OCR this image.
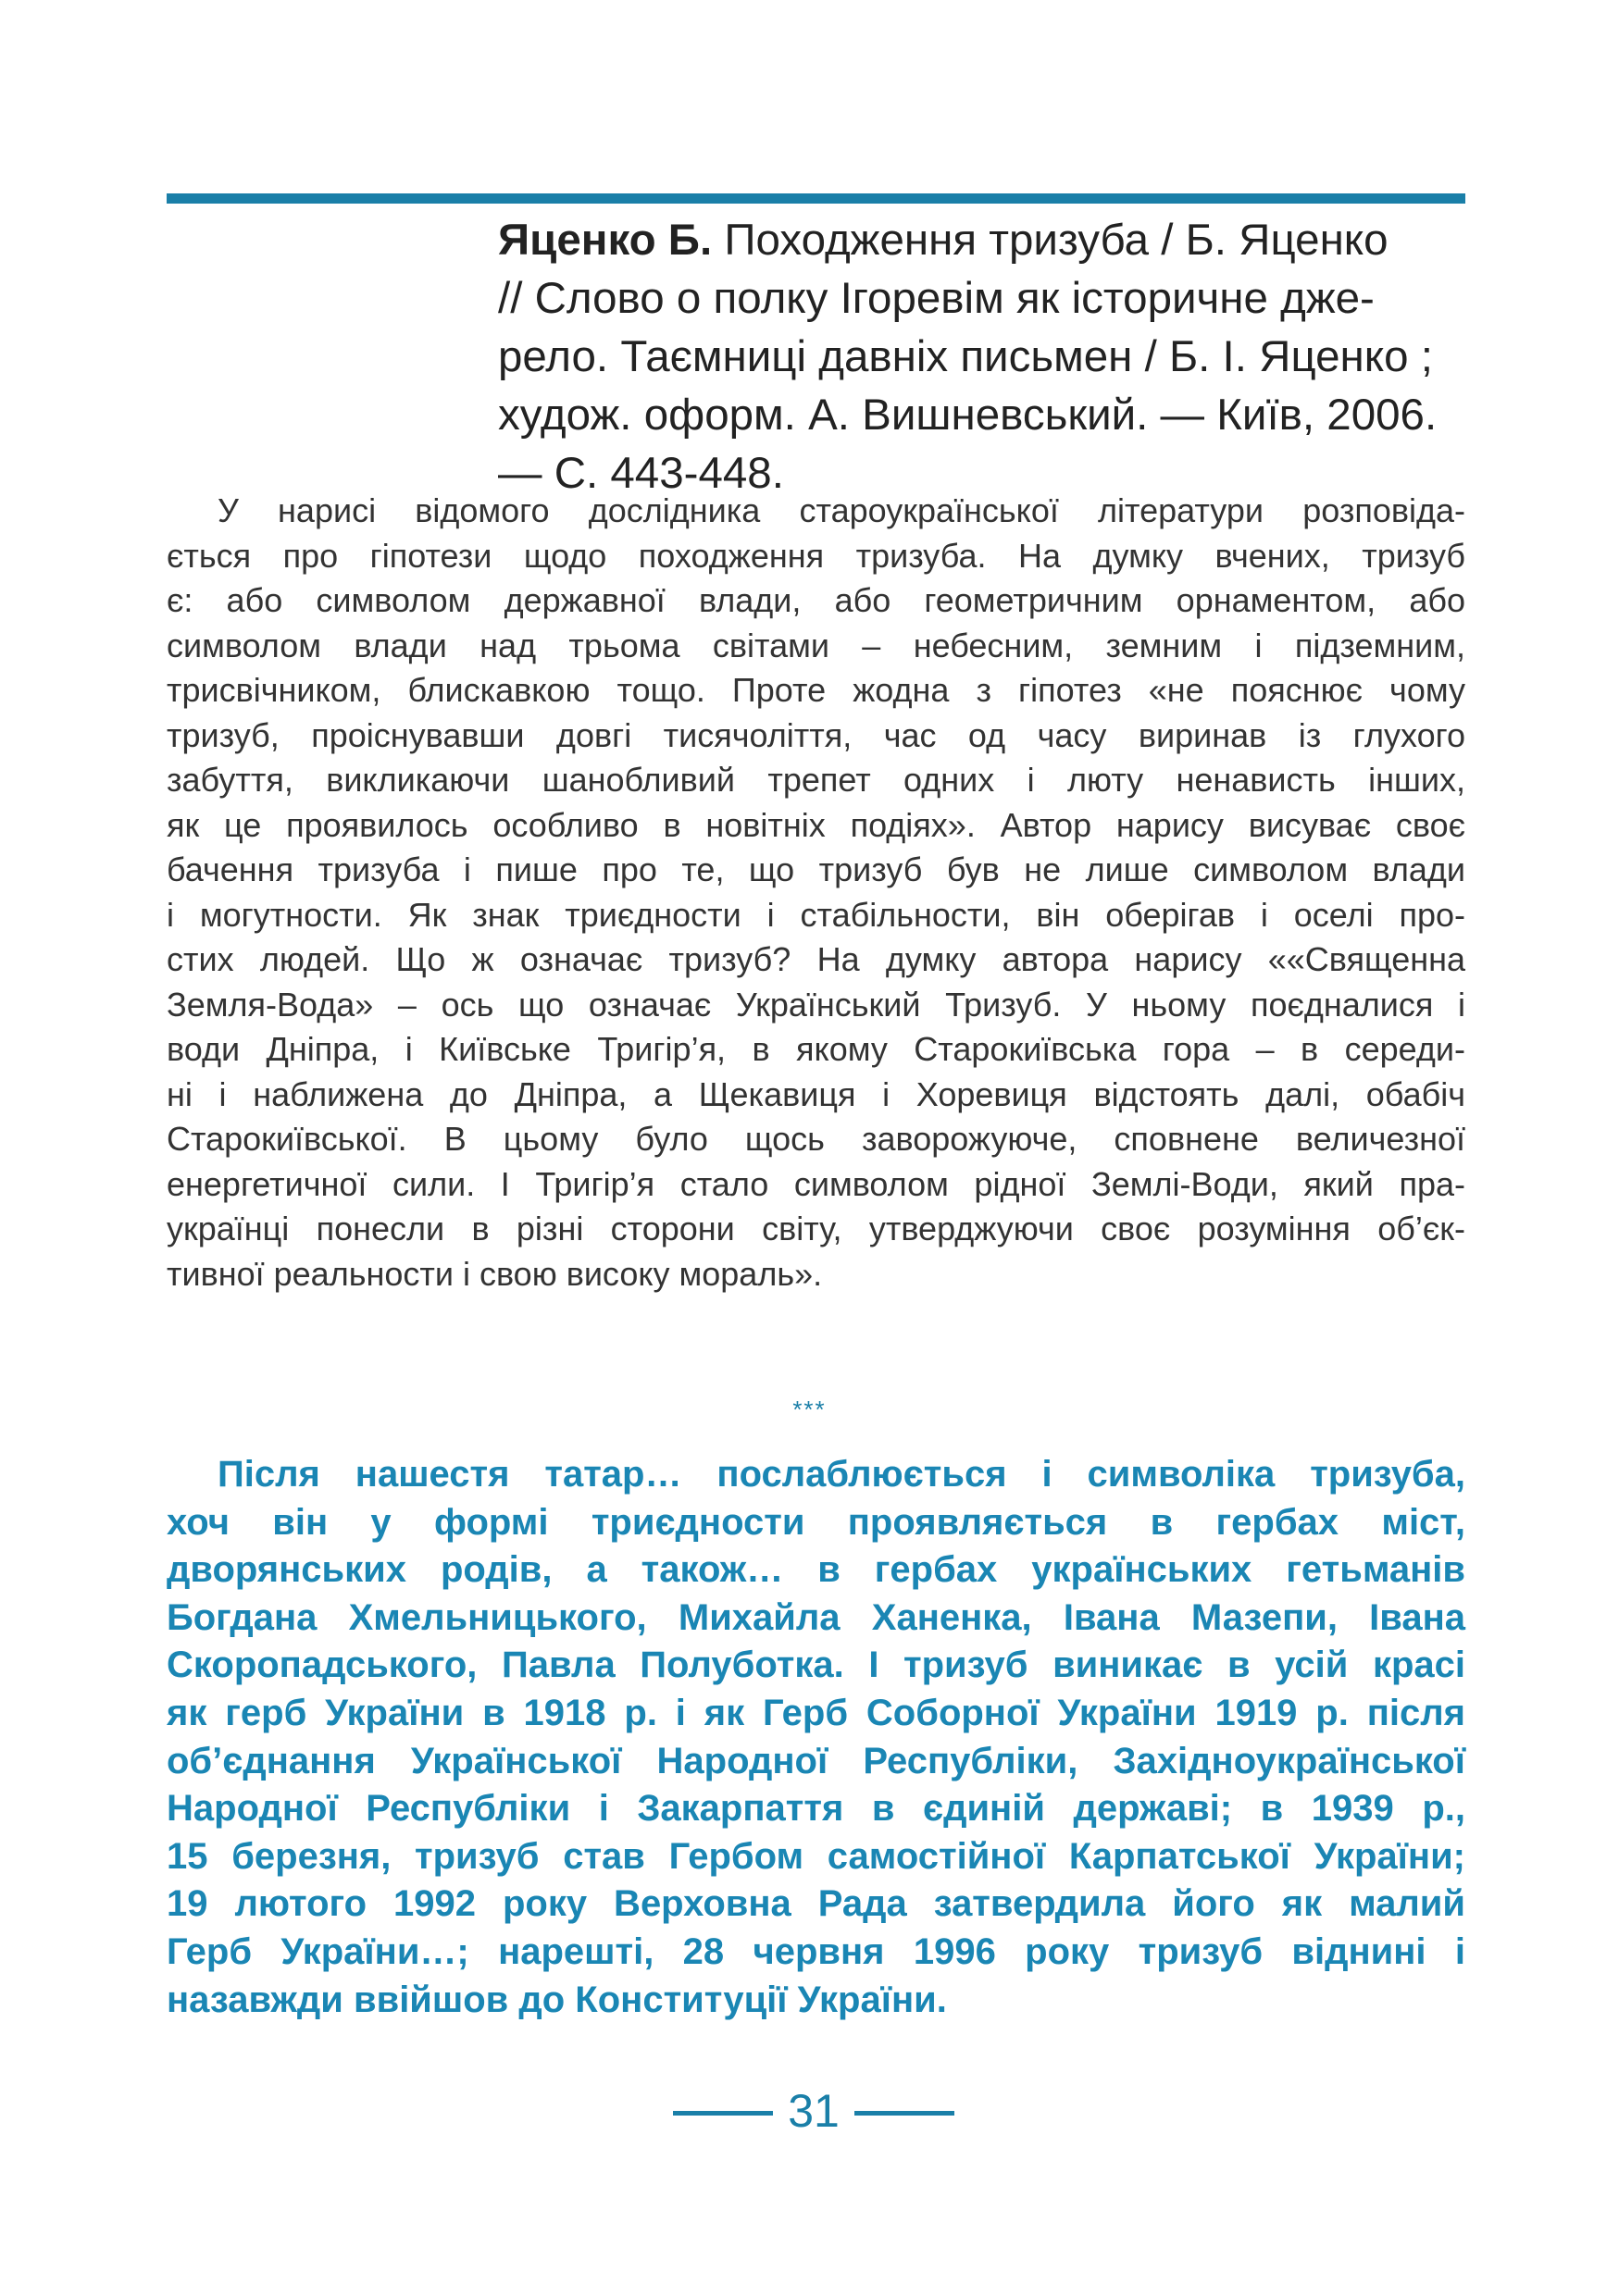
Яценко Б. Походження тризуба / Б. Яценко
// Слово о полку Ігоревім як історичне дже-
рело. Таємниці давніх письмен / Б. І. Яценко ;
худож. оформ. А. Вишневський. — Київ, 2006.
— С. 443-448.
У нарисі відомого дослідника староукраїнської літератури розповіда-
ється про гіпотези щодо походження тризуба. На думку вчених, тризуб
є: або символом державної влади, або геометричним орнаментом, або
символом влади над трьома світами – небесним, земним і підземним,
трисвічником, блискавкою тощо. Проте жодна з гіпотез «не пояснює чому
тризуб, проіснувавши довгі тисячоліття, час од часу виринав із глухого
забуття, викликаючи шанобливий трепет одних і люту ненависть інших,
як це проявилось особливо в новітніх подіях». Автор нарису висуває своє
бачення тризуба і пише про те, що тризуб був не лише символом влади
і могутности. Як знак триєдности і стабільности, він оберігав і оселі про-
стих людей. Що ж означає тризуб? На думку автора нарису ««Священна
Земля-Вода» – ось що означає Український Тризуб. У ньому поєдналися і
води Дніпра, і Київське Тригір’я, в якому Старокиївська гора – в середи-
ні і наближена до Дніпра, а Щекавиця і Хоревиця відстоять далі, обабіч
Старокиївської. В цьому було щось заворожуюче, сповнене величезної
енергетичної сили. І Тригір’я стало символом рідної Землі-Води, який пра-
українці понесли в різні сторони світу, утверджуючи своє розуміння об’єк-
тивної реальности і свою високу мораль».
***
Після нашестя татар… послаблюється і символіка тризуба,
хоч він у формі триєдности проявляється в гербах міст,
дворянських родів, а також… в гербах українських гетьманів
Богдана Хмельницького, Михайла Ханенка, Івана Мазепи, Івана
Скоропадського, Павла Полуботка. І тризуб виникає в усій красі
як герб України в 1918 р. і як Герб Соборної України 1919 р. після
об’єднання Української Народної Республіки, Західноукраїнської
Народної Республіки і Закарпаття в єдиній державі; в 1939 р.,
15 березня, тризуб став Гербом самостійної Карпатської України;
19 лютого 1992 року Верховна Рада затвердила його як малий
Герб України…; нарешті, 28 червня 1996 року тризуб віднині і
назавжди ввійшов до Конституції України.
31
